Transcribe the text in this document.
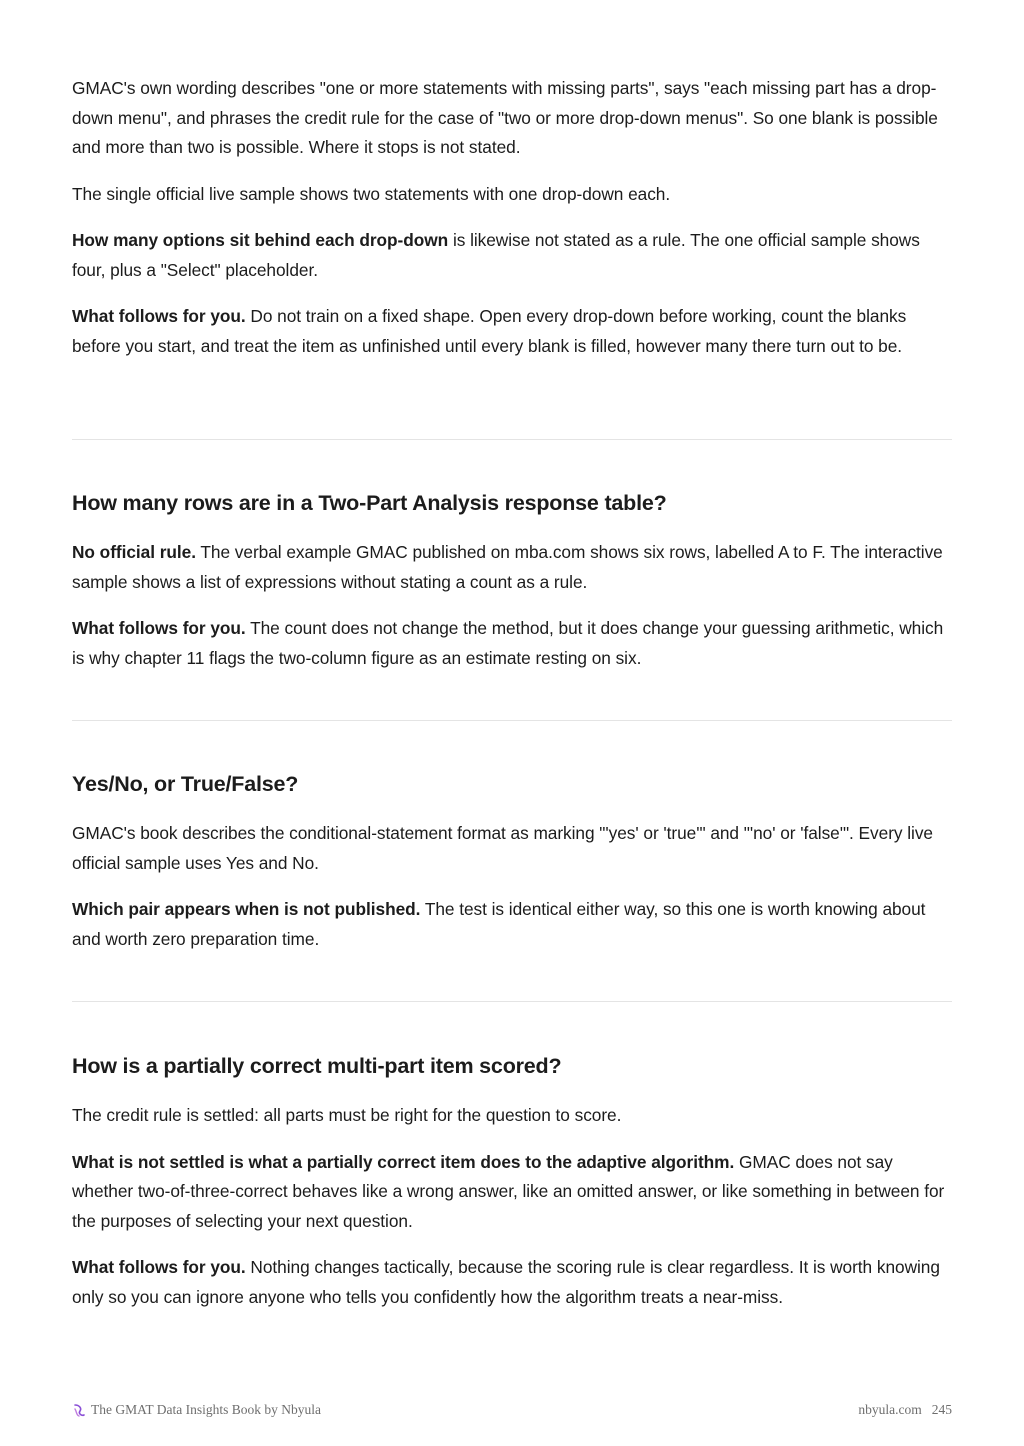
GMAC's own wording describes "one or more statements with missing parts", says "each missing part has a drop-down menu", and phrases the credit rule for the case of "two or more drop-down menus". So one blank is possible and more than two is possible. Where it stops is not stated.

The single official live sample shows two statements with one drop-down each.

How many options sit behind each drop-down is likewise not stated as a rule. The one official sample shows four, plus a "Select" placeholder.

What follows for you. Do not train on a fixed shape. Open every drop-down before working, count the blanks before you start, and treat the item as unfinished until every blank is filled, however many there turn out to be.

How many rows are in a Two-Part Analysis response table?

No official rule. The verbal example GMAC published on mba.com shows six rows, labelled A to F. The interactive sample shows a list of expressions without stating a count as a rule.

What follows for you. The count does not change the method, but it does change your guessing arithmetic, which is why chapter 11 flags the two-column figure as an estimate resting on six.

Yes/No, or True/False?

GMAC's book describes the conditional-statement format as marking "'yes' or 'true'" and "'no' or 'false'". Every live official sample uses Yes and No.

Which pair appears when is not published. The test is identical either way, so this one is worth knowing about and worth zero preparation time.

How is a partially correct multi-part item scored?

The credit rule is settled: all parts must be right for the question to score.

What is not settled is what a partially correct item does to the adaptive algorithm. GMAC does not say whether two-of-three-correct behaves like a wrong answer, like an omitted answer, or like something in between for the purposes of selecting your next question.

What follows for you. Nothing changes tactically, because the scoring rule is clear regardless. It is worth knowing only so you can ignore anyone who tells you confidently how the algorithm treats a near-miss.

The GMAT Data Insights Book by Nbyula	nbyula.com 245
